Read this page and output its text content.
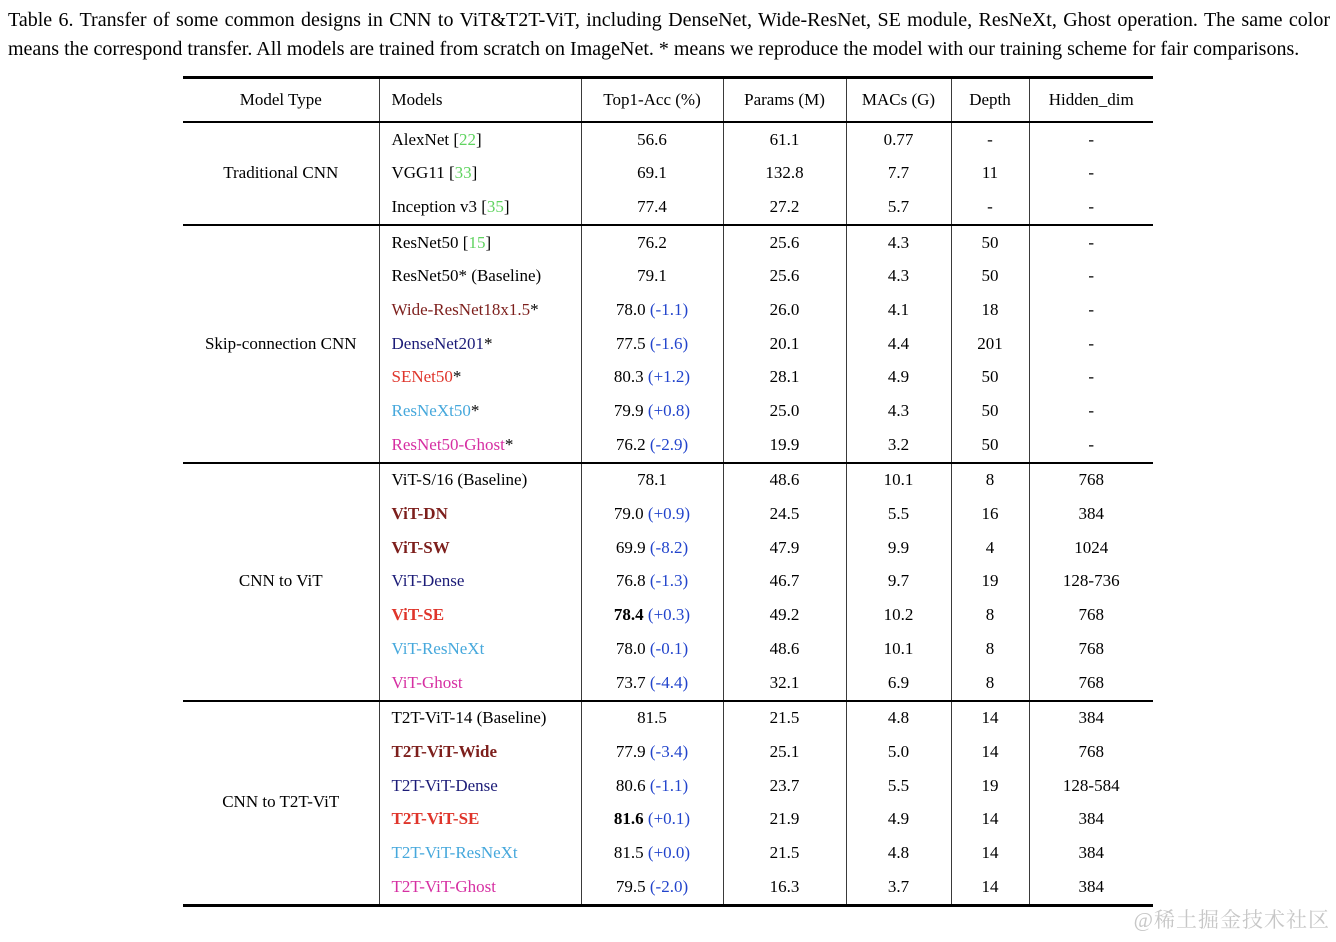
Table 6. Transfer of some common designs in CNN to ViT&T2T-ViT, including DenseNet, Wide-ResNet, SE module, ResNeXt, Ghost operation. The same color means the correspond transfer. All models are trained from scratch on ImageNet. * means we reproduce the model with our training scheme for fair comparisons.

Model Type	Models	Top1-Acc (%)	Params (M)	MACs (G)	Depth	Hidden_dim
Traditional CNN	AlexNet [22]	56.6	61.1	0.77	-	-
	VGG11 [33]	69.1	132.8	7.7	11	-
	Inception v3 [35]	77.4	27.2	5.7	-	-
Skip-connection CNN	ResNet50 [15]	76.2	25.6	4.3	50	-
	ResNet50* (Baseline)	79.1	25.6	4.3	50	-
	Wide-ResNet18x1.5*	78.0 (-1.1)	26.0	4.1	18	-
	DenseNet201*	77.5 (-1.6)	20.1	4.4	201	-
	SENet50*	80.3 (+1.2)	28.1	4.9	50	-
	ResNeXt50*	79.9 (+0.8)	25.0	4.3	50	-
	ResNet50-Ghost*	76.2 (-2.9)	19.9	3.2	50	-
CNN to ViT	ViT-S/16 (Baseline)	78.1	48.6	10.1	8	768
	ViT-DN	79.0 (+0.9)	24.5	5.5	16	384
	ViT-SW	69.9 (-8.2)	47.9	9.9	4	1024
	ViT-Dense	76.8 (-1.3)	46.7	9.7	19	128-736
	ViT-SE	78.4 (+0.3)	49.2	10.2	8	768
	ViT-ResNeXt	78.0 (-0.1)	48.6	10.1	8	768
	ViT-Ghost	73.7 (-4.4)	32.1	6.9	8	768
CNN to T2T-ViT	T2T-ViT-14 (Baseline)	81.5	21.5	4.8	14	384
	T2T-ViT-Wide	77.9 (-3.4)	25.1	5.0	14	768
	T2T-ViT-Dense	80.6 (-1.1)	23.7	5.5	19	128-584
	T2T-ViT-SE	81.6 (+0.1)	21.9	4.9	14	384
	T2T-ViT-ResNeXt	81.5 (+0.0)	21.5	4.8	14	384
	T2T-ViT-Ghost	79.5 (-2.0)	16.3	3.7	14	384
@稀土掘金技术社区
